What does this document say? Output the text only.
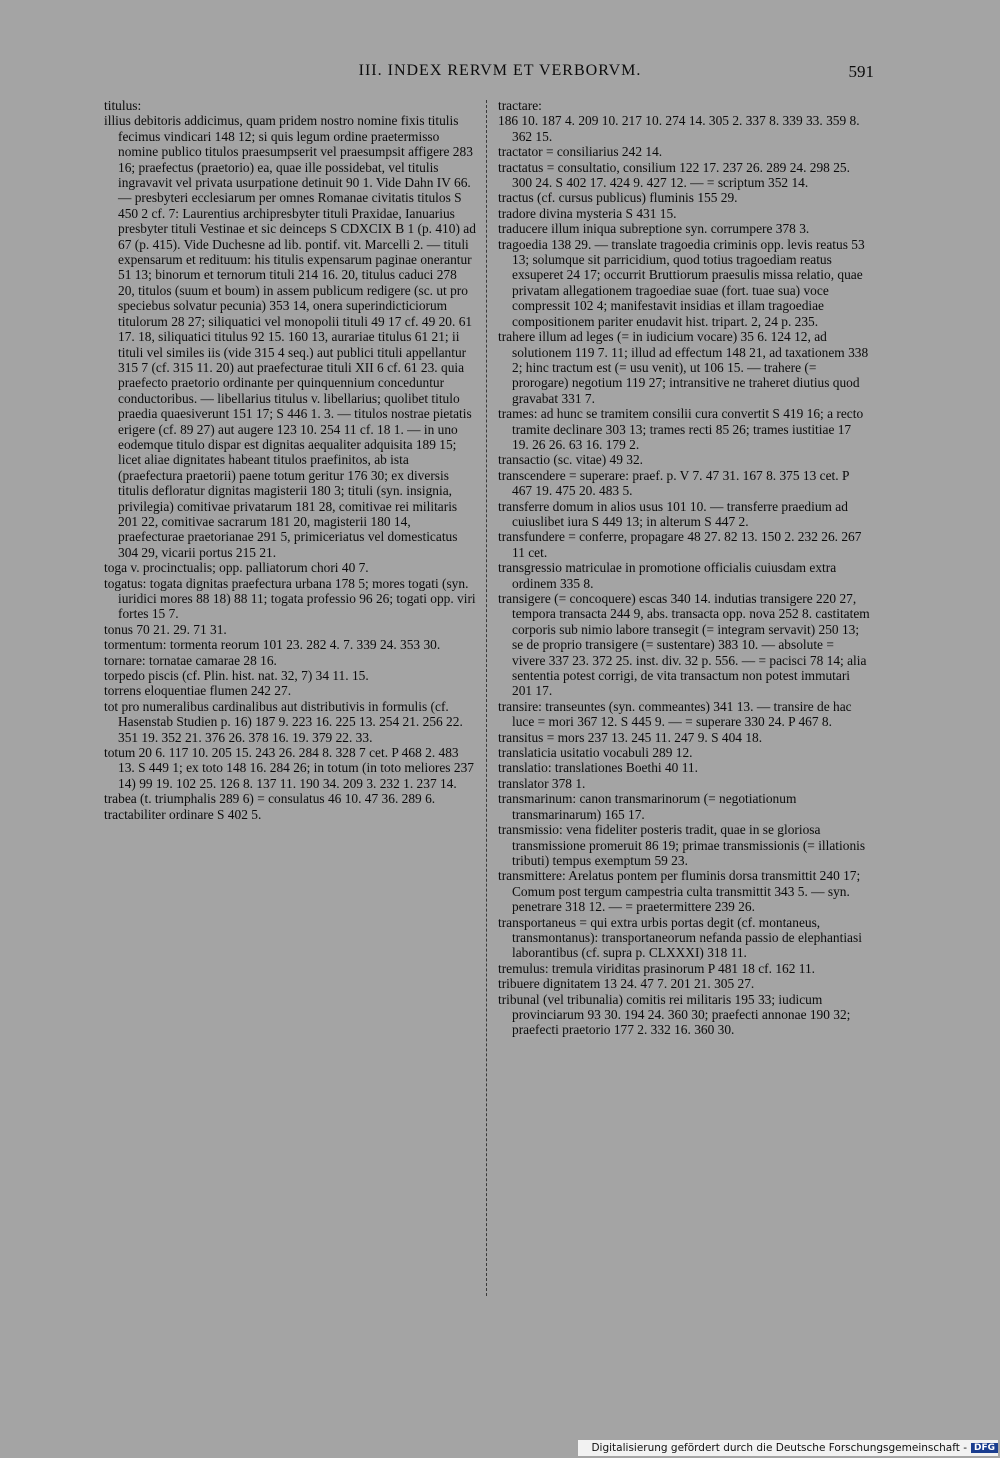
III. INDEX RERVM ET VERBORVM.	591

titulus:

illius debitoris addicimus, quam pridem nostro nomine fixis titulis fecimus vindicari 148 12; si quis legum ordine praetermisso nomine publico titulos praesumpserit vel praesumpsit affigere 283 16; praefectus (praetorio) ea, quae ille possidebat, vel titulis ingravavit vel privata usurpatione detinuit 90 1. Vide Dahn IV 66. — presbyteri ecclesiarum per omnes Romanae civitatis titulos S 450 2 cf. 7: Laurentius archipresbyter tituli Praxidae, Ianuarius presbyter tituli Vestinae et sic deinceps S CDXCIX B 1 (p. 410) ad 67 (p. 415). Vide Duchesne ad lib. pontif. vit. Marcelli 2. — tituli expensarum et redituum: his titulis expensarum paginae onerantur 51 13; binorum et ternorum tituli 214 16. 20, titulus caduci 278 20, titulos (suum et boum) in assem publicum redigere (sc. ut pro speciebus solvatur pecunia) 353 14, onera superindicticiorum titulorum 28 27; siliquatici vel monopolii tituli 49 17 cf. 49 20. 61 17. 18, siliquatici titulus 92 15. 160 13, aurariae titulus 61 21; ii tituli vel similes iis (vide 315 4 seq.) aut publici tituli appellantur 315 7 (cf. 315 11. 20) aut praefecturae tituli XII 6 cf. 61 23. quia praefecto praetorio ordinante per quinquennium conceduntur conductoribus. — libellarius titulus v. libellarius; quolibet titulo praedia quaesiverunt 151 17; S 446 1. 3. — titulos nostrae pietatis erigere (cf. 89 27) aut augere 123 10. 254 11 cf. 18 1. — in uno eodemque titulo dispar est dignitas aequaliter adquisita 189 15; licet aliae dignitates habeant titulos praefinitos, ab ista (praefectura praetorii) paene totum geritur 176 30; ex diversis titulis defloratur dignitas magisterii 180 3; tituli (syn. insignia, privilegia) comitivae privatarum 181 28, comitivae rei militaris 201 22, comitivae sacrarum 181 20, magisterii 180 14, praefecturae praetorianae 291 5, primiceriatus vel domesticatus 304 29, vicarii portus 215 21.

toga v. procinctualis; opp. palliatorum chori 40 7.

togatus: togata dignitas praefectura urbana 178 5; mores togati (syn. iuridici mores 88 18) 88 11; togata professio 96 26; togati opp. viri fortes 15 7.

tonus 70 21. 29. 71 31.

tormentum: tormenta reorum 101 23. 282 4. 7. 339 24. 353 30.

tornare: tornatae camarae 28 16.

torpedo piscis (cf. Plin. hist. nat. 32, 7) 34 11. 15.

torrens eloquentiae flumen 242 27.

tot pro numeralibus cardinalibus aut distributivis in formulis (cf. Hasenstab Studien p. 16) 187 9. 223 16. 225 13. 254 21. 256 22. 351 19. 352 21. 376 26. 378 16. 19. 379 22. 33.

totum 20 6. 117 10. 205 15. 243 26. 284 8. 328 7 cet. P 468 2. 483 13. S 449 1; ex toto 148 16. 284 26; in totum (in toto meliores 237 14) 99 19. 102 25. 126 8. 137 11. 190 34. 209 3. 232 1. 237 14.

trabea (t. triumphalis 289 6) = consulatus 46 10. 47 36. 289 6.

tractabiliter ordinare S 402 5.

tractare:

186 10. 187 4. 209 10. 217 10. 274 14. 305 2. 337 8. 339 33. 359 8. 362 15.

tractator = consiliarius 242 14.

tractatus = consultatio, consilium 122 17. 237 26. 289 24. 298 25. 300 24. S 402 17. 424 9. 427 12. — = scriptum 352 14.

tractus (cf. cursus publicus) fluminis 155 29.

tradore divina mysteria S 431 15.

traducere illum iniqua subreptione syn. corrumpere 378 3.

tragoedia 138 29. — translate tragoedia criminis opp. levis reatus 53 13; solumque sit parricidium, quod totius tragoediam reatus exsuperet 24 17; occurrit Bruttiorum praesulis missa relatio, quae privatam allegationem tragoediae suae (fort. tuae sua) voce compressit 102 4; manifestavit insidias et illam tragoediae compositionem pariter enudavit hist. tripart. 2, 24 p. 235.

trahere illum ad leges (= in iudicium vocare) 35 6. 124 12, ad solutionem 119 7. 11; illud ad effectum 148 21, ad taxationem 338 2; hinc tractum est (= usu venit), ut 106 15. — trahere (= prorogare) negotium 119 27; intransitive ne traheret diutius quod gravabat 331 7.

trames: ad hunc se tramitem consilii cura convertit S 419 16; a recto tramite declinare 303 13; trames recti 85 26; trames iustitiae 17 19. 26 26. 63 16. 179 2.

transactio (sc. vitae) 49 32.

transcendere = superare: praef. p. V 7. 47 31. 167 8. 375 13 cet. P 467 19. 475 20. 483 5.

transferre domum in alios usus 101 10. — transferre praedium ad cuiuslibet iura S 449 13; in alterum S 447 2.

transfundere = conferre, propagare 48 27. 82 13. 150 2. 232 26. 267 11 cet.

transgressio matriculae in promotione officialis cuiusdam extra ordinem 335 8.

transigere (= concoquere) escas 340 14. indutias transigere 220 27, tempora transacta 244 9, abs. transacta opp. nova 252 8. castitatem corporis sub nimio labore transegit (= integram servavit) 250 13; se de proprio transigere (= sustentare) 383 10. — absolute = vivere 337 23. 372 25. inst. div. 32 p. 556. — = pacisci 78 14; alia sententia potest corrigi, de vita transactum non potest immutari 201 17.

transire: transeuntes (syn. commeantes) 341 13. — transire de hac luce = mori 367 12. S 445 9. — = superare 330 24. P 467 8.

transitus = mors 237 13. 245 11. 247 9. S 404 18.

translaticia usitatio vocabuli 289 12.

translatio: translationes Boethi 40 11.

translator 378 1.

transmarinum: canon transmarinorum (= negotiationum transmarinarum) 165 17.

transmissio: vena fideliter posteris tradit, quae in se gloriosa transmissione promeruit 86 19; primae transmissionis (= illationis tributi) tempus exemptum 59 23.

transmittere: Arelatus pontem per fluminis dorsa transmittit 240 17; Comum post tergum campestria culta transmittit 343 5. — syn. penetrare 318 12. — = praetermittere 239 26.

transportaneus = qui extra urbis portas degit (cf. montaneus, transmontanus): transportaneorum nefanda passio de elephantiasi laborantibus (cf. supra p. CLXXXI) 318 11.

tremulus: tremula viriditas prasinorum P 481 18 cf. 162 11.

tribuere dignitatem 13 24. 47 7. 201 21. 305 27.

tribunal (vel tribunalia) comitis rei militaris 195 33; iudicum provinciarum 93 30. 194 24. 360 30; praefecti annonae 190 32; praefecti praetorio 177 2. 332 16. 360 30.

Digitalisierung gefördert durch die Deutsche Forschungsgemeinschaft - DFG
